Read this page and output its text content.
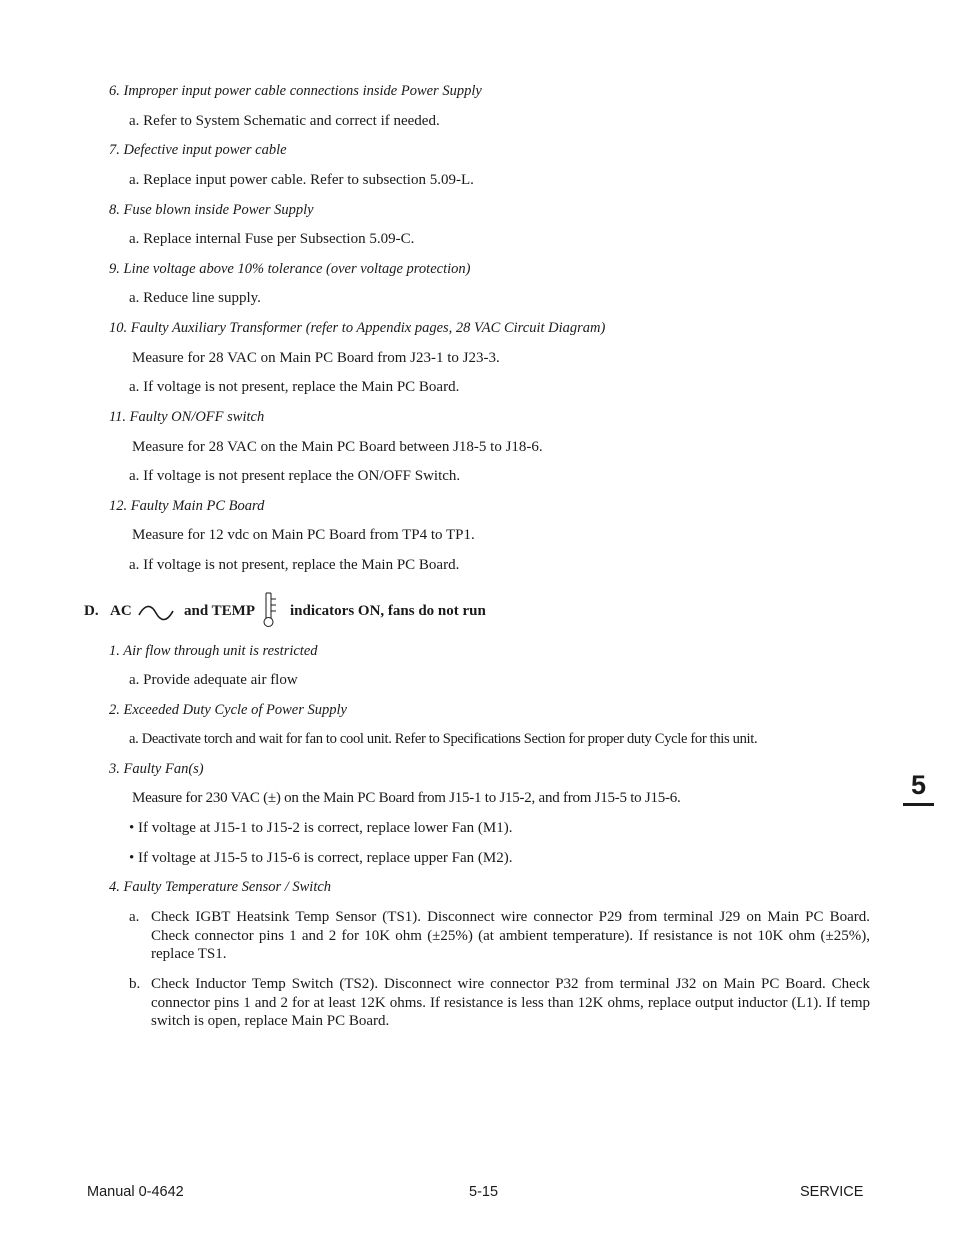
6. Improper input power cable connections inside Power Supply
a. Refer to System Schematic and correct if needed.
7. Defective input power cable
a. Replace input power cable. Refer to subsection 5.09-L.
8. Fuse blown inside Power Supply
a. Replace internal Fuse per Subsection 5.09-C.
9. Line voltage above 10% tolerance (over voltage protection)
a. Reduce line supply.
10. Faulty Auxiliary Transformer (refer to Appendix pages, 28 VAC Circuit Diagram)
Measure for 28 VAC on Main PC Board from J23-1 to J23-3.
a. If voltage is not present, replace the Main PC Board.
11. Faulty ON/OFF switch
Measure for 28 VAC on the Main PC Board between J18-5 to J18-6.
a. If voltage is not present replace the ON/OFF Switch.
12. Faulty Main PC Board
Measure for 12 vdc on Main PC Board from TP4 to TP1.
a. If voltage is not present, replace the Main PC Board.
D. AC	and TEMP indicators ON, fans do not run
1. Air flow through unit is restricted
a. Provide adequate air flow
2. Exceeded Duty Cycle of Power Supply
a. Deactivate torch and wait for fan to cool unit. Refer to Specifications Section for proper duty Cycle for this unit.
3. Faulty Fan(s)
Measure for 230 VAC (±) on the Main PC Board from J15-1 to J15-2, and from J15-5 to J15-6.
• If voltage at J15-1 to J15-2 is correct, replace lower Fan (M1).
• If voltage at J15-5 to J15-6 is correct, replace upper Fan (M2).
4. Faulty Temperature Sensor / Switch
a. Check IGBT Heatsink Temp Sensor (TS1). Disconnect wire connector P29 from terminal J29 on Main PC Board. Check connector pins 1 and 2 for 10K ohm (±25%) (at ambient temperature). If resistance is not 10K ohm (±25%), replace TS1.
b. Check Inductor Temp Switch (TS2). Disconnect wire connector P32 from terminal J32 on Main PC Board. Check connector pins 1 and 2 for at least 12K ohms. If resistance is less than 12K ohms, replace output inductor (L1). If temp switch is open, replace Main PC Board.
5
Manual 0-4642	5-15	SERVICE
